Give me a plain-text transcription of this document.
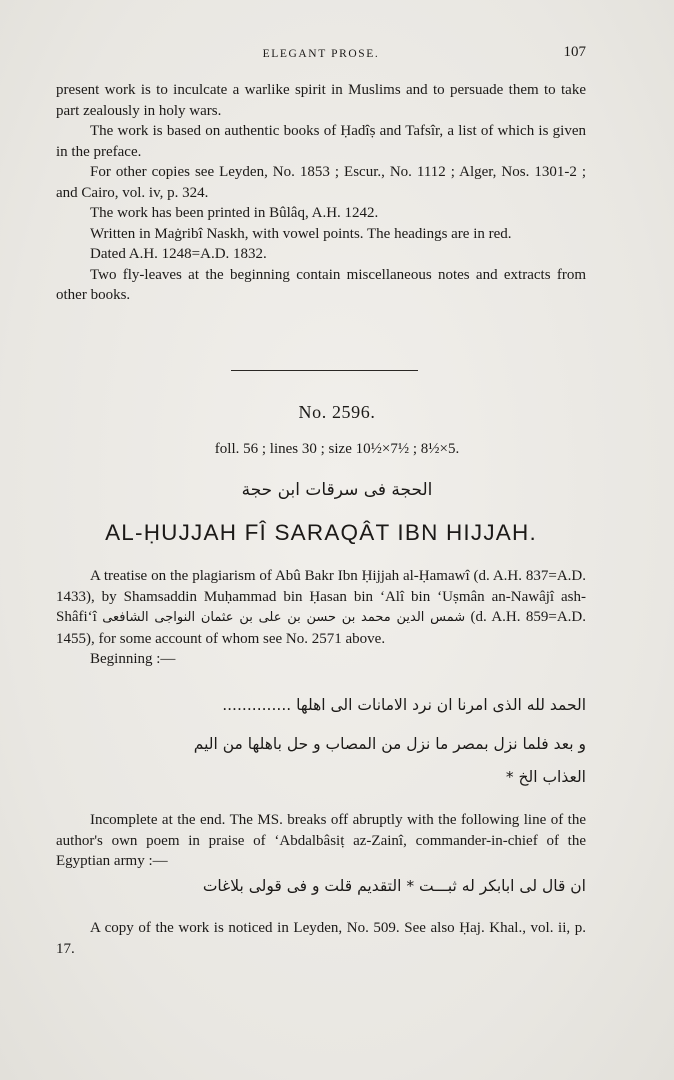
ELEGANT PROSE.	107

present work is to inculcate a warlike spirit in Muslims and to persuade them to take part zealously in holy wars.

The work is based on authentic books of Ḥadîṣ and Tafsîr, a list of which is given in the preface.

For other copies see Leyden, No. 1853 ; Escur., No. 1112 ; Alger, Nos. 1301-2 ; and Cairo, vol. iv, p. 324.

The work has been printed in Bûlâq, A.H. 1242.

Written in Maġribî Naskh, with vowel points. The headings are in red.

Dated A.H. 1248=A.D. 1832.

Two fly-leaves at the beginning contain miscellaneous notes and extracts from other books.

No. 2596.
foll. 56 ; lines 30 ; size 10½×7½ ; 8½×5.
الحجة فى سرقات ابن حجة
AL-ḤUJJAH FÎ SARAQÂT IBN HIJJAH.

A treatise on the plagiarism of Abû Bakr Ibn Ḥijjah al-Ḥamawî (d. A.H. 837=A.D. 1433), by Shamsaddin Muḥammad bin Ḥasan bin ‘Alî bin ‘Uṣmân an-Nawâjî ash-Shâfi‘î شمس الدين محمد بن حسن بن على بن عثمان النواجى الشافعى (d. A.H. 859=A.D. 1455), for some account of whom see No. 2571 above.

Beginning :—

الحمد لله الذى امرنا ان نرد الامانات الى اهلها ..............
و بعد فلما نزل بمصر ما نزل من المصاب و حل باهلها من اليم
العذاب الخ *

Incomplete at the end. The MS. breaks off abruptly with the following line of the author's own poem in praise of ‘Abdalbâsiṭ az-Zainî, commander-in-chief of the Egyptian army :—

ان قال لى ابابكر له ثبـــت * التقديم قلت و فى قولى بلاغات

A copy of the work is noticed in Leyden, No. 509. See also Ḥaj. Khal., vol. ii, p. 17.
